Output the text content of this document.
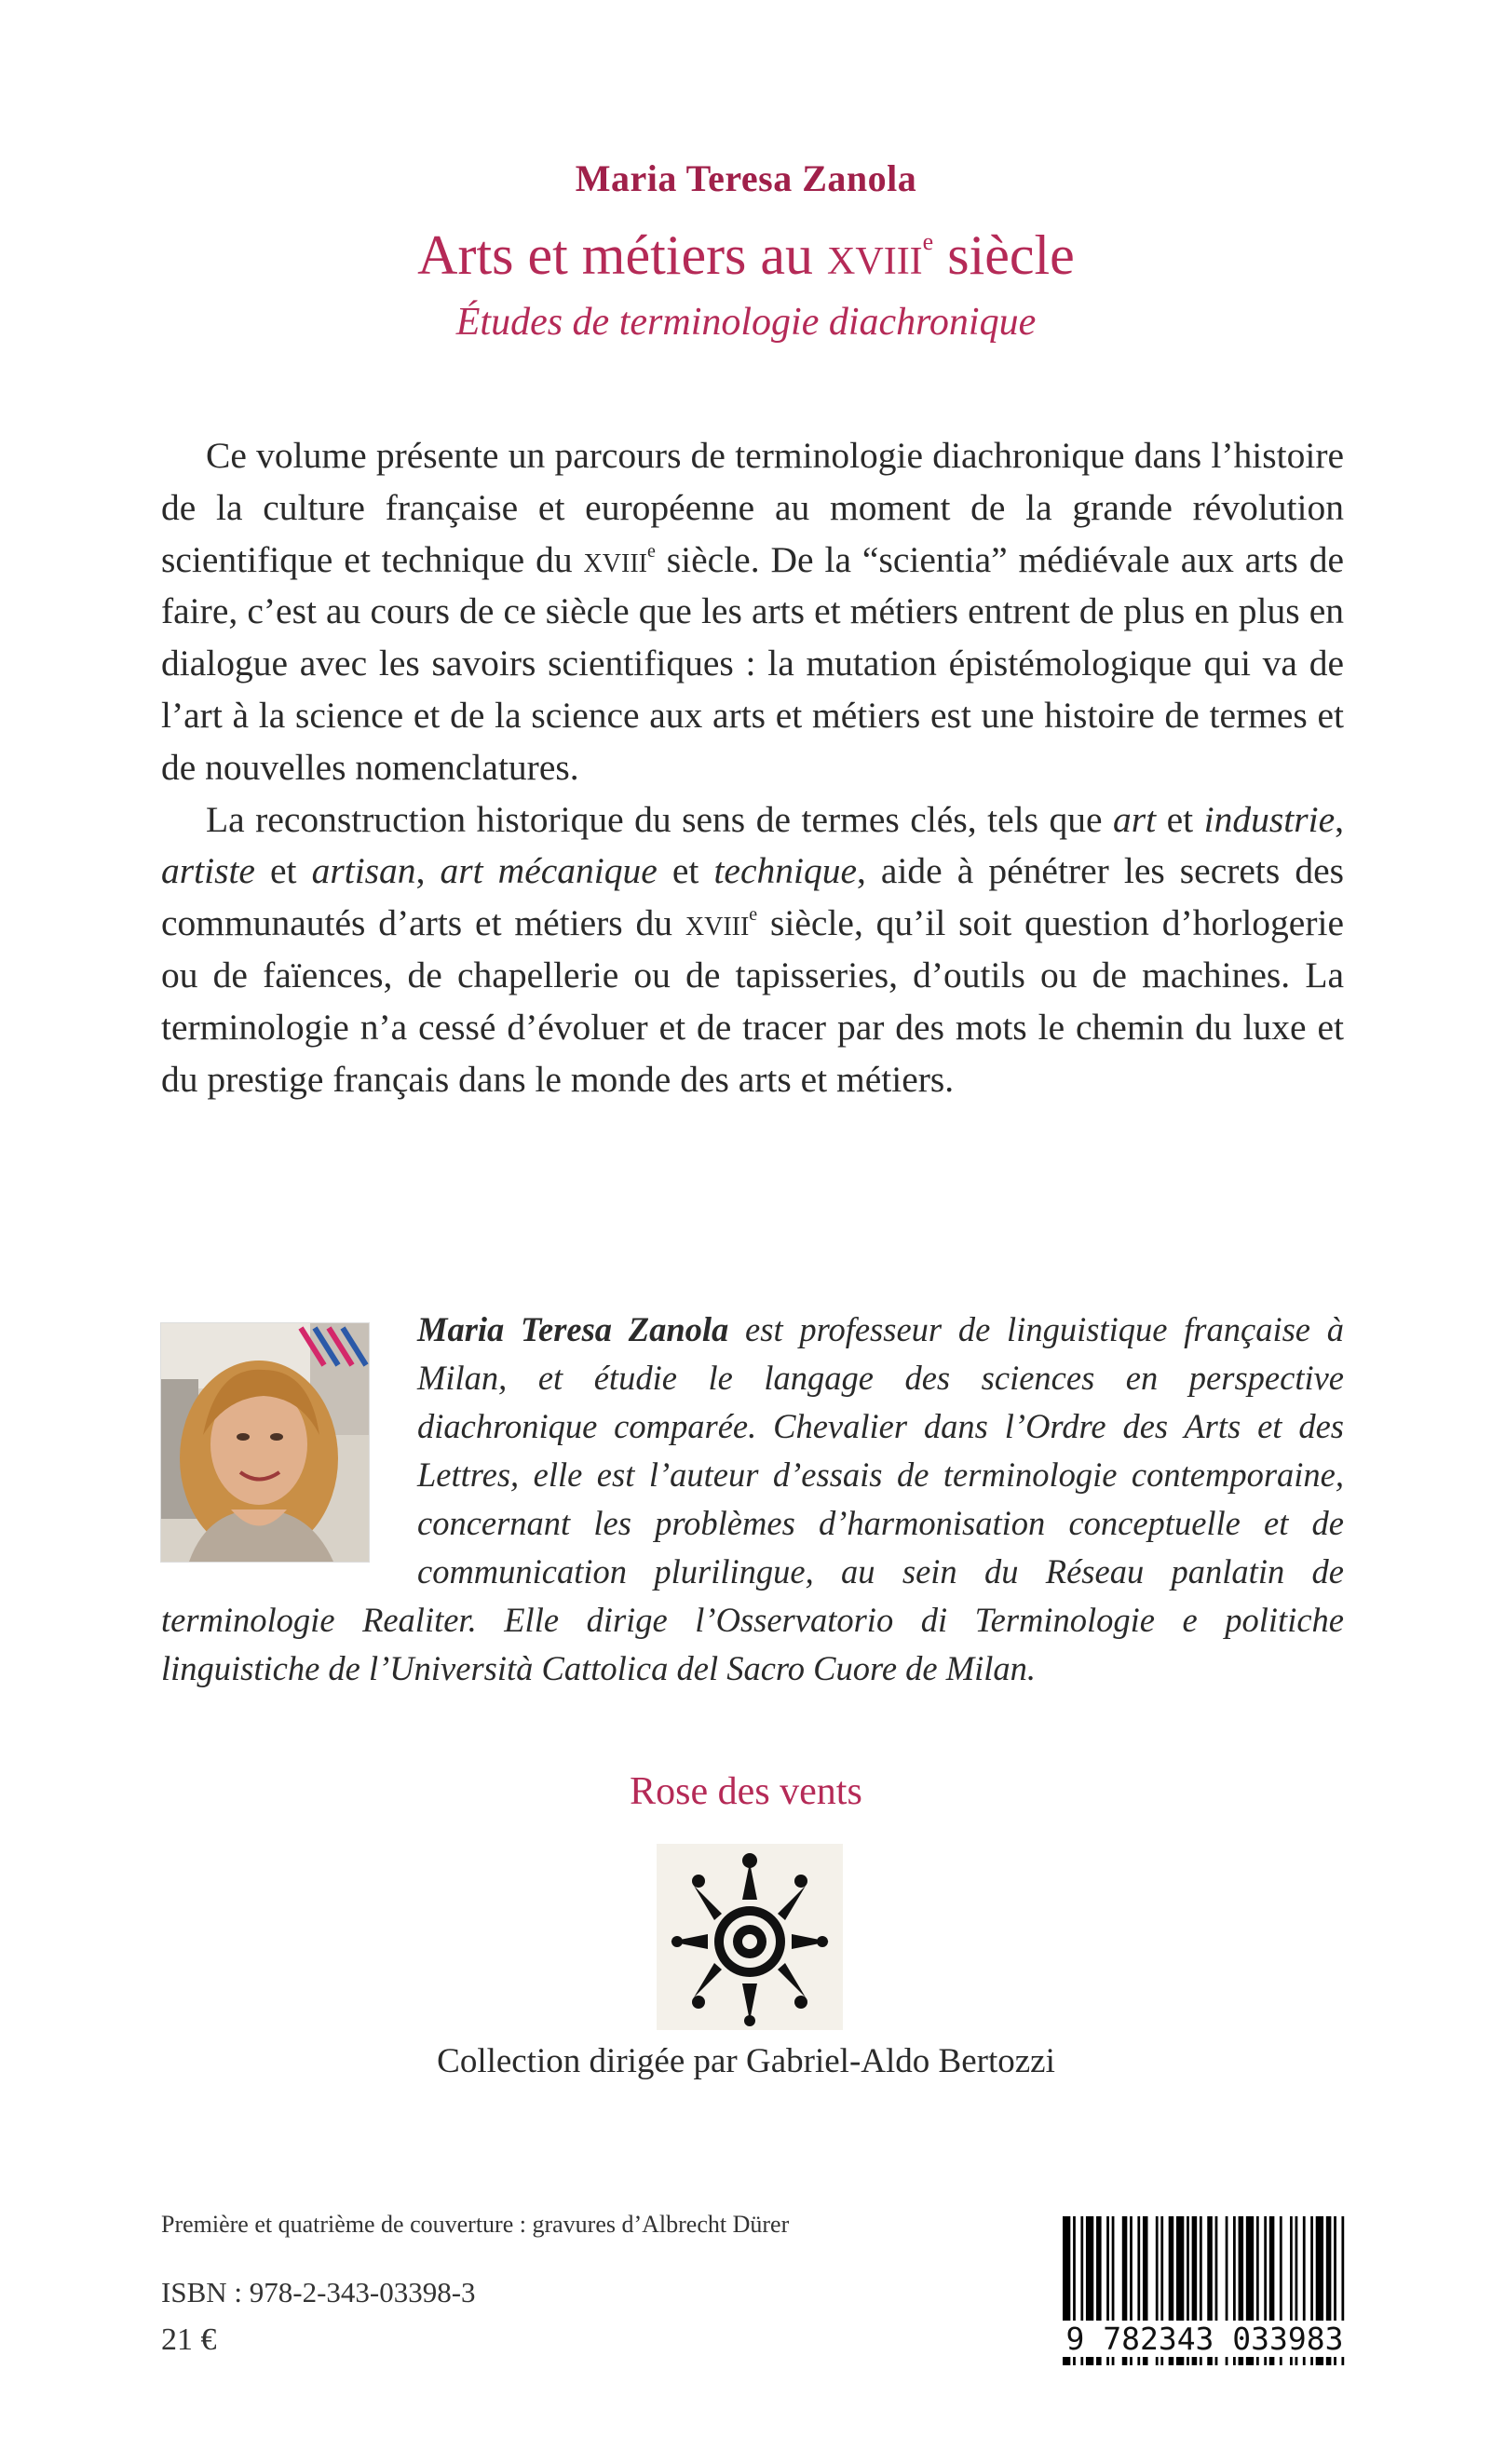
Maria Teresa Zanola
Arts et métiers au xviii$^e$ siècle
Études de terminologie diachronique

Ce volume présente un parcours de terminologie diachronique dans l’histoire de la culture française et européenne au moment de la grande révolution scientifique et technique du xviii$^e$ siècle. De la “scientia” médiévale aux arts de faire, c’est au cours de ce siècle que les arts et métiers entrent de plus en plus en dialogue avec les savoirs scientifiques : la mutation épistémologique qui va de l’art à la science et de la science aux arts et métiers est une histoire de termes et de nouvelles nomenclatures.

La reconstruction historique du sens de termes clés, tels que art et industrie, artiste et artisan, art mécanique et technique, aide à pénétrer les secrets des communautés d’arts et métiers du xviii$^e$ siècle, qu’il soit question d’horlogerie ou de faïences, de chapellerie ou de tapisseries, d’outils ou de machines. La terminologie n’a cessé d’évoluer et de tracer par des mots le chemin du luxe et du prestige français dans le monde des arts et métiers.

Maria Teresa Zanola est professeur de linguistique française à Milan, et étudie le langage des sciences en perspective diachronique comparée. Chevalier dans l’Ordre des Arts et des Lettres, elle est l’auteur d’essais de terminologie contemporaine, concernant les problèmes d’harmonisation conceptuelle et de communication plurilingue, au sein du Réseau panlatin de terminologie Realiter. Elle dirige l’Osservatorio di Terminologie e politiche linguistiche de l’Università Cattolica del Sacro Cuore de Milan.
Rose des vents
Collection dirigée par Gabriel-Aldo Bertozzi
Première et quatrième de couverture : gravures d’Albrecht Dürer
ISBN : 978-2-343-03398-3
21 €	9 782343 033983
